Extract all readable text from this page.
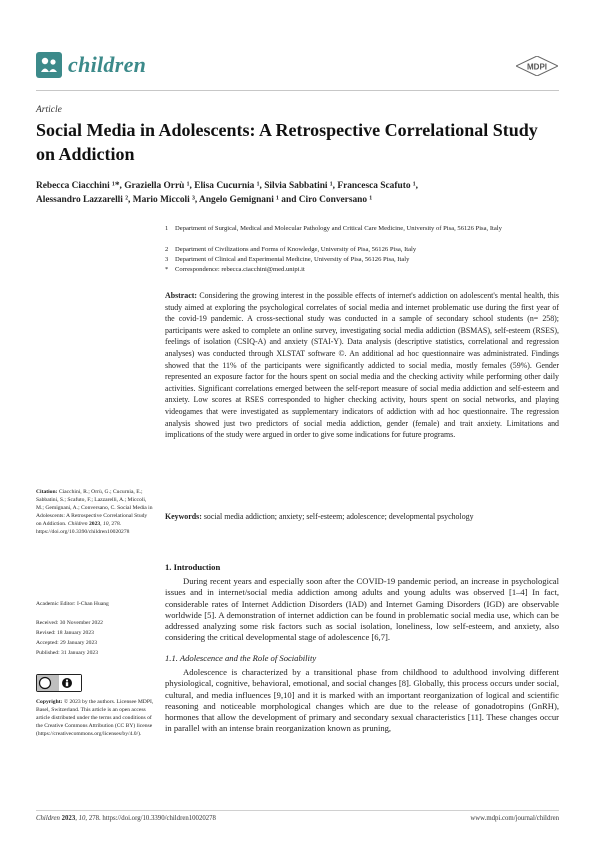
children	MDPI
Article
Social Media in Adolescents: A Retrospective Correlational Study on Addiction
Rebecca Ciacchini ¹*, Graziella Orrù ¹, Elisa Cucurnia ¹, Silvia Sabbatini ¹, Francesca Scafuto ¹,
Alessandro Lazzarelli ², Mario Miccoli ³, Angelo Gemignani ¹ and Ciro Conversano ¹
1 Department of Surgical, Medical and Molecular Pathology and Critical Care Medicine, University of Pisa, 56126 Pisa, Italy
2 Department of Civilizations and Forms of Knowledge, University of Pisa, 56126 Pisa, Italy
3 Department of Clinical and Experimental Medicine, University of Pisa, 56126 Pisa, Italy
* Correspondence: rebecca.ciacchini@med.unipi.it
Abstract: Considering the growing interest in the possible effects of internet's addiction on adolescent's mental health, this study aimed at exploring the psychological correlates of social media and internet problematic use during the first year of the covid-19 pandemic. A cross-sectional study was conducted in a sample of secondary school students (n= 258); participants were asked to complete an online survey, investigating social media addiction (BSMAS), self-esteem (RSES), feelings of isolation (CSIQ-A) and anxiety (STAI-Y). Data analysis (descriptive statistics, correlational and regression analyses) was conducted through XLSTAT software ©. An additional ad hoc questionnaire was administrated. Findings showed that the 11% of the participants were significantly addicted to social media, mostly females (59%). Gender represented an exposure factor for the hours spent on social media and the checking activity while performing other daily activities. Significant correlations emerged between the self-report measure of social media addiction and self-esteem and anxiety. Low scores at RSES corresponded to higher checking activity, hours spent on social networks, and playing videogames that were investigated as supplementary indicators of addiction with ad hoc questionnaire. The regression analysis showed just two predictors of social media addiction, gender (female) and trait anxiety. Limitations and implications of the study were argued in order to give some indications for future programs.
Keywords: social media addiction; anxiety; self-esteem; adolescence; developmental psychology
Citation: Ciacchini, R.; Orrù, G.; Cucurnia, E.; Sabbatini, S.; Scafuto, F.; Lazzarelli, A.; Miccoli, M.; Gemignani, A.; Conversano, C. Social Media in Adolescents: A Retrospective Correlational Study on Addiction. Children 2023, 10, 278. https://doi.org/10.3390/children10020278
Academic Editor: I-Chan Huang
Received: 30 November 2022
Revised: 18 January 2023
Accepted: 29 January 2023
Published: 31 January 2023
Copyright: © 2023 by the authors. Licensee MDPI, Basel, Switzerland. This article is an open access article distributed under the terms and conditions of the Creative Commons Attribution (CC BY) license (https://creativecommons.org/licenses/by/4.0/).
1. Introduction
During recent years and especially soon after the COVID-19 pandemic period, an increase in psychological issues and in internet/social media addiction among adults and young adults was observed [1–4] In fact, considerable rates of Internet Addiction Disorders (IAD) and Internet Gaming Disorders (IGD) are observable worldwide [5]. A demonstration of internet addiction can be found in problematic social media use, which can be addressed analyzing some risk factors such as social isolation, loneliness, low self-esteem, and anxiety, also considering the critical developmental stage of adolescence [6,7].
1.1. Adolescence and the Role of Sociability
Adolescence is characterized by a transitional phase from childhood to adulthood involving different physiological, cognitive, behavioral, emotional, and social changes [8]. Globally, this process occurs under social, cultural, and media influences [9,10] and it is marked with an important reorganization of logical and scientific reasoning and noticeable morphological changes which are due to the release of gonadotropins (GnRH), hormones that allow the development of primary and secondary sexual characteristics [11]. These changes occur in parallel with an intense brain reorganization known as pruning,
Children 2023, 10, 278. https://doi.org/10.3390/children10020278	www.mdpi.com/journal/children
